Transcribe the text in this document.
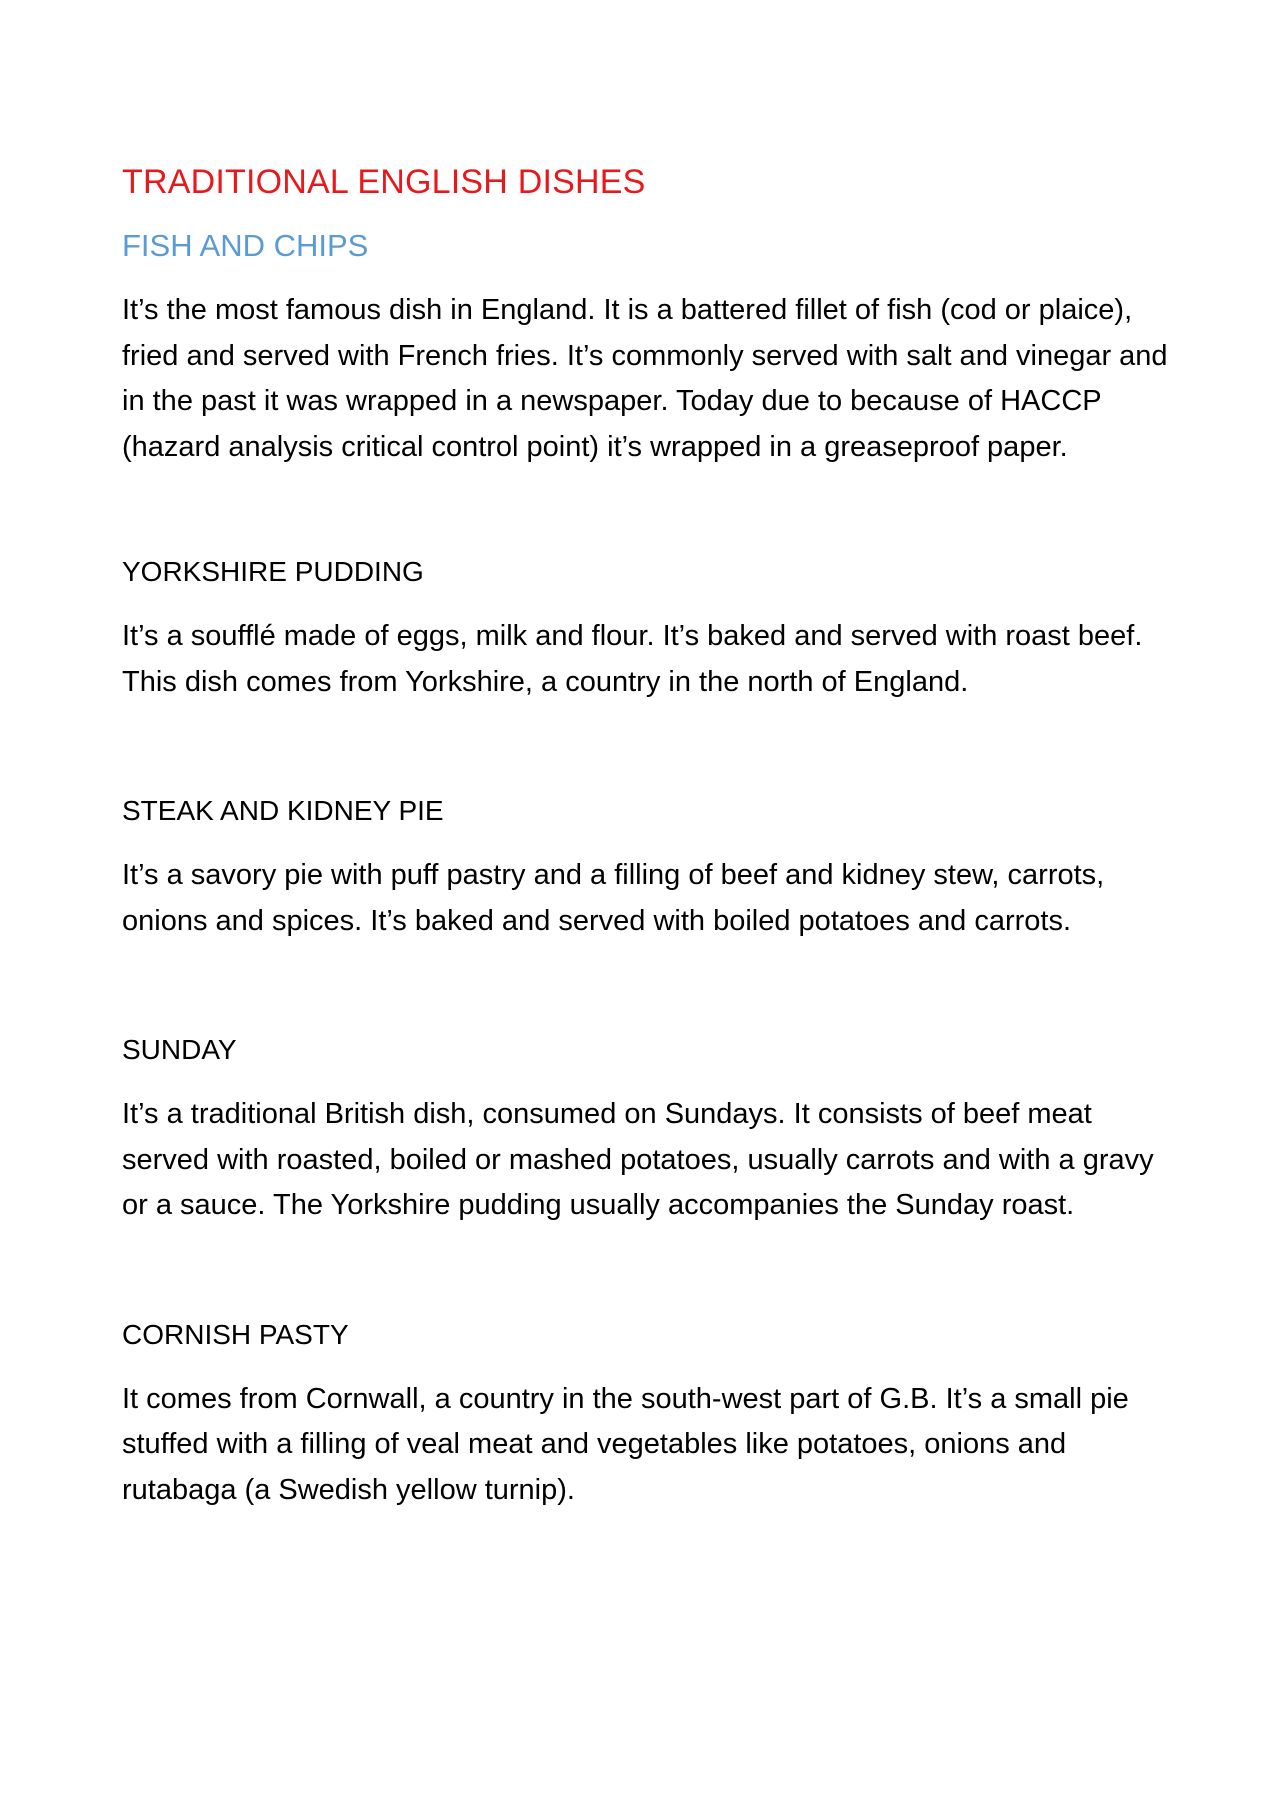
TRADITIONAL ENGLISH DISHES
FISH AND CHIPS

It’s the most famous dish in England. It is a battered fillet of fish (cod or plaice), fried and served with French fries. It’s commonly served with salt and vinegar and in the past it was wrapped in a newspaper. Today due to because of HACCP (hazard analysis critical control point) it’s wrapped in a greaseproof paper.

YORKSHIRE PUDDING

It’s a soufflé made of eggs, milk and flour. It’s baked and served with roast beef. This dish comes from Yorkshire, a country in the north of England.

STEAK AND KIDNEY PIE

It’s a savory pie with puff pastry and a filling of beef and kidney stew, carrots, onions and spices. It’s baked and served with boiled potatoes and carrots.

SUNDAY

It’s a traditional British dish, consumed on Sundays. It consists of beef meat served with roasted, boiled or mashed potatoes, usually carrots and with a gravy or a sauce. The Yorkshire pudding usually accompanies the Sunday roast.

CORNISH PASTY

It comes from Cornwall, a country in the south-west part of G.B. It’s a small pie stuffed with a filling of veal meat and vegetables like potatoes, onions and rutabaga (a Swedish yellow turnip).
